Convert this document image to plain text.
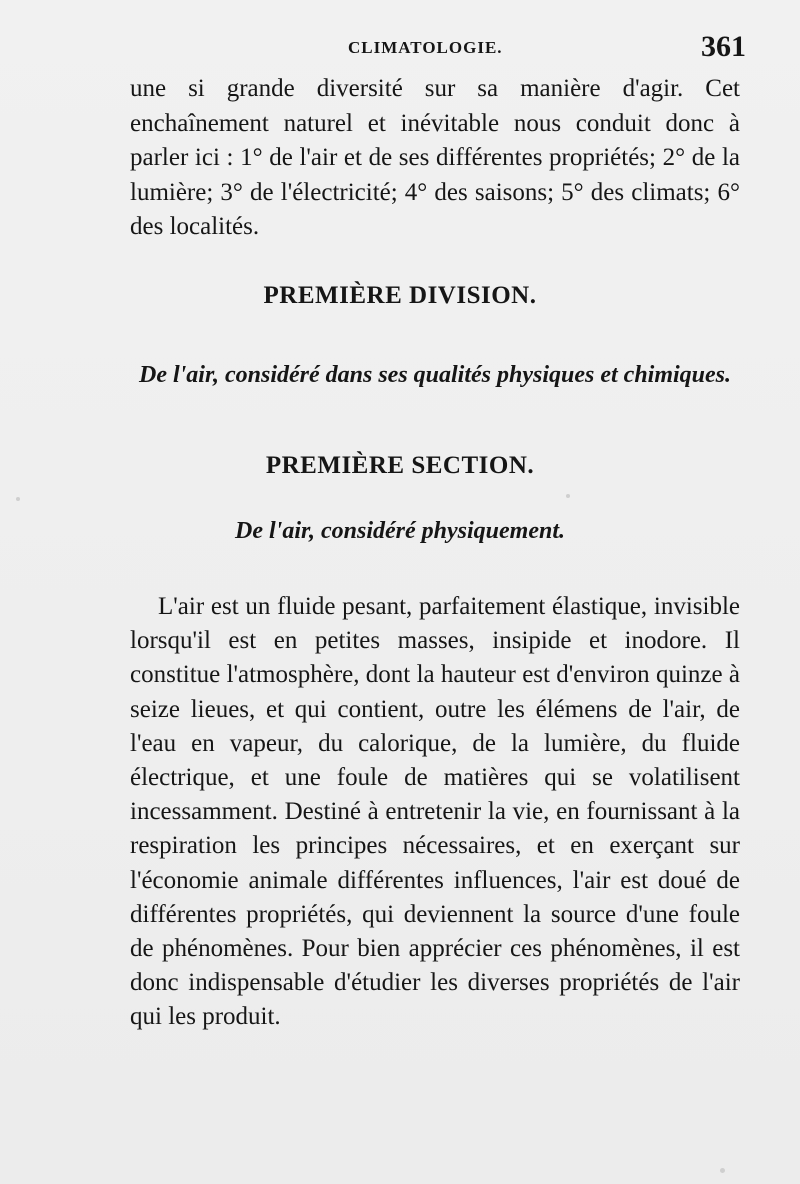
CLIMATOLOGIE.	361

une si grande diversité sur sa manière d'agir. Cet enchaînement naturel et inévitable nous conduit donc à parler ici : 1° de l'air et de ses différentes propriétés; 2° de la lumière; 3° de l'électricité; 4° des saisons; 5° des climats; 6° des localités.

PREMIÈRE DIVISION.
De l'air, considéré dans ses qualités physiques et chimiques.
PREMIÈRE SECTION.
De l'air, considéré physiquement.

L'air est un fluide pesant, parfaitement élastique, invisible lorsqu'il est en petites masses, insipide et inodore. Il constitue l'atmosphère, dont la hauteur est d'environ quinze à seize lieues, et qui contient, outre les élémens de l'air, de l'eau en vapeur, du calorique, de la lumière, du fluide électrique, et une foule de matières qui se volatilisent incessamment. Destiné à entretenir la vie, en fournissant à la respiration les principes nécessaires, et en exerçant sur l'économie animale différentes influences, l'air est doué de différentes propriétés, qui deviennent la source d'une foule de phénomènes. Pour bien apprécier ces phénomènes, il est donc indispensable d'étudier les diverses propriétés de l'air qui les produit.
